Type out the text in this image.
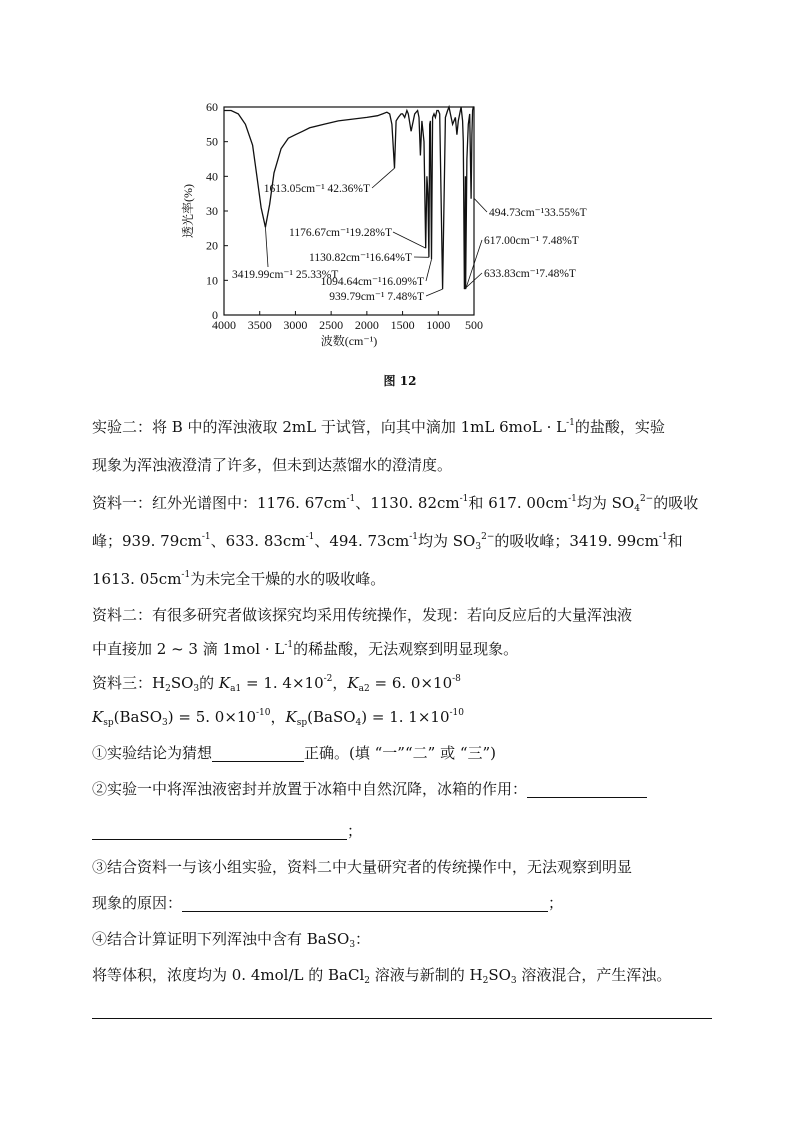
0
10
20
30
40
50
60
4000 3500 3000 2500 2000 1500 1000 500
1613.05cm⁻¹ 42.36%T
1176.67cm⁻¹19.28%T
1130.82cm⁻¹16.64%T
3419.99cm⁻¹ 25.33%T
1094.64cm⁻¹16.09%T
939.79cm⁻¹ 7.48%T
494.73cm⁻¹33.55%T
617.00cm⁻¹ 7.48%T
633.83cm⁻¹7.48%T
透光率(%)
波数(cm⁻¹)
图 12
实验二：将 B 中的浑浊液取 2mL 于试管，向其中滴加 1mL $6moL \cdot L^{-1}$的盐酸，实验
现象为浑浊液澄清了许多，但未到达蒸馏水的澄清度。
资料一：红外光谱图中：1176. $67cm^{-1}$、1130. $82cm^{-1}$和 617. $00cm^{-1}$均为 $SO_4^{2-}$的吸收
峰；939. $79cm^{-1}$、633. $83cm^{-1}$、494. $73cm^{-1}$均为 $SO_3^{2-}$的吸收峰；3419. $99cm^{-1}$和
1613. $05cm^{-1}$为未完全干燥的水的吸收峰。
资料二：有很多研究者做该探究均采用传统操作，发现：若向反应后的大量浑浊液
中直接加 2 ~ 3 滴 $1mol \cdot L^{-1}$的稀盐酸，无法观察到明显现象。
资料三：$H_2SO_3$的 $K_{a1} = 1$. $4\times 10^{-2}$，$K_{a2} = 6$. $0\times 10^{-8}$
$K_{sp}(BaSO_3) = 5$. $0\times 10^{-10}$，$K_{sp}(BaSO_4) = 1$. $1\times 10^{-10}$
①实验结论为猜想	正确。(填 “一”“二” 或 “三”)
②实验一中将浑浊液密封并放置于冰箱中自然沉降，冰箱的作用：
；
③结合资料一与该小组实验，资料二中大量研究者的传统操作中，无法观察到明显
现象的原因：	；
④结合计算证明下列浑浊中含有 BaSO$_3$：
将等体积，浓度均为 0. 4mol/L 的 BaCl$_2$ 溶液与新制的 $H_2SO_3$ 溶液混合，产生浑浊。
